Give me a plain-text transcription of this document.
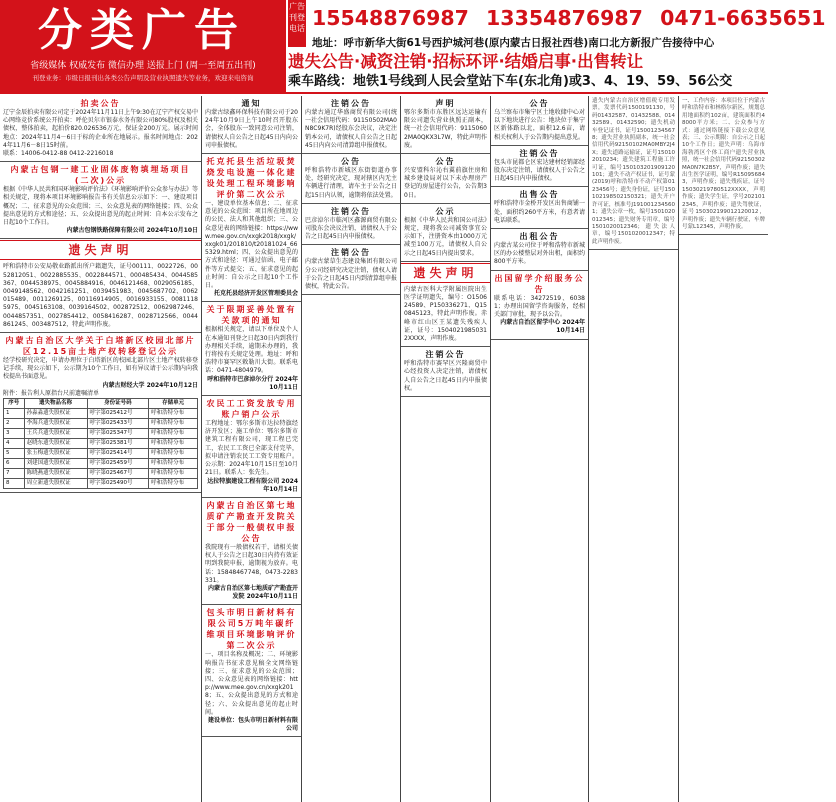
分类广告
省级媒体 权威发布 微信办理 送报上门 (周一至周五出刊)
刊登业务：市级日报刊出各类公告声明及营业执照遗失等业务，欢迎来电咨询
广告刊登电话 15548876987 13354876987 0471-6635651
地址：呼市新华大街61号西护城河巷(原内蒙古日报社西巷)南口北方新报广告接待中心
遗失公告·减资注销·招标环评·结婚启事·出售转让
乘车路线：地铁1号线到人民会堂站下车(东北角)或3、4、19、59、56公交
拍卖公告
辽宁金辰拍卖有限公司定于2024年11月11日上午9:30在辽宁产权交易中心网络竞价系统公开拍卖：呼伦贝尔市银泰水务有限公司80%股权及相关债权，整体拍卖，起拍价820.026536万元，保证金200万元。展示时间地点：2024年11月4－6日于标的企业所在地展示。报名时间地点：2024年11月6－8日15时前。
联系：14006-0412-88 0412-2216018
内蒙古包钢一建工业固体废物填埋场项目(二次)公示
根据《中华人民共和国环境影响评价法》《环境影响评价公众参与办法》等相关规定，现将本项目环境影响报告书有关信息公示如下：一、建设项目概况；二、征求意见的公众范围；三、公众意见表的网络链接；四、公众提出意见的方式和途径；五、公众提出意见的起止时间：自本公示发布之日起10个工作日。
内蒙古包钢铁路保障有限公司 2024年10月10日
遗失声明
呼和浩特市公安局敬业路派出所户籍遗失，证号00111、0022726、0052812051、0022885535、0022844571、000485434、0044585367、0044538975、0045884916、0046121468、0029056185、0049148562、0042161251、0039451983、0045687702、0062015489、0011269125、00116914905、0016933155、00811185975、0045163108、0039164502、002872512、0062987246、0044857351、0027854412、0058416287、0028712566、0044861245、003487512，特此声明作废。
内蒙古自治区大学关于白塔新区校园北部片区12.15亩土地产权转移登记公示
经学校研究决定，申请办理位于白塔新区的校园北部片区土地产权转移登记手续，现公示如下，公示期为10个工作日，如有异议请于公示期内向我校提出书面意见。
内蒙古财经大学 2024年10月12日
附件：报告利人原指台尺前遗嘱清单
序号	遗失物品名称	身份证号码	存储单元
1	孙淼淼遗失股权证	呼字第025412号	呼和浩特分布
2	李海兵遗失股权证	呼字第025433号	呼和浩特分布
3	王兵兵遗失股权证	呼字第025347号	呼和浩特分布
4	赵晓东遗失股权证	呼字第025381号	呼和浩特分布
5	张玉梅遗失股权证	呼字第025414号	呼和浩特分布
6	刘建国遗失股权证	呼字第025459号	呼和浩特分布
7	陈晓燕遗失股权证	呼字第025467号	呼和浩特分布
8	周立新遗失股权证	呼字第025490号	呼和浩特分布
通知
内蒙古绿鑫环保科技有限公司于2024年10月9日上午10时召开股东会，全体股东一致同意公司注销，请债权人自公告之日起45日内向公司申报债权。
托克托县生活垃圾焚烧发电设施一体化建设处理工程环境影响评价第二次公示
一、建设单位基本信息；二、征求意见的公众范围：项目所在地周边的公民、法人和其他组织；三、公众意见表的网络链接：https://www.mee.gov.cn/xxgk2018/xxgk/xxgk01/201810/t20181024_665329.html；四、公众提出意见的方式和途径：可通过信函、电子邮件等方式提交；五、征求意见的起止时间：自公示之日起10个工作日。
托克托县经济开发区管理委员会
关于限期妥善处置有关款项的通知
根据相关规定，请以下单位及个人在本通知刊登之日起30日内到我行办理相关手续，逾期未办理的，我行将按有关规定处理。地址：呼和浩特市赛罕区敕勒川大街。联系电话：0471-4804979。
呼和浩特市巴彦淖尔分行 2024年10月11日
农民工工资发放专用账户销户公示
工程地址：鄂尔多斯市达拉特旗经济开发区；施工单位：鄂尔多斯市建筑工程有限公司，现工程已完工，农民工工资已全部支付完毕，拟申请注销农民工工资专用账户。公示期：2024年10月15日至10月21日。联系人：张先生。
达拉特旗建设工程有限公司 2024年10月14日
内蒙古自治区第七地质矿产勘查开发院关于部分一般债权申报公告
我院现有一般债权若干，请相关债权人于公告之日起30日内持有效证明到我院申报，逾期视为放弃。电话：15848467748，0473-2283331。
内蒙古自治区第七地质矿产勘查开发院 2024年10月11日
包头市明日新材料有限公司5万吨年碳纤维项目环境影响评价第二次公示
一、项目名称及概况；二、环境影响报告书征求意见稿全文网络链接；三、征求意见的公众范围；四、公众意见表的网络链接：http://www.mee.gov.cn/xxgk2018；五、公众提出意见的方式和途径；六、公众提出意见的起止时间。
建设单位：包头市明日新材料有限公司
注销公告
内蒙古通辽华盛商贸有限公司(统一社会信用代码：91150502MA0N8C9K7R)经股东会决议，决定注销本公司，请债权人自公告之日起45日内向公司清算组申报债权。
公告
呼和浩特市新城区东街街道办事处，经研究决定，现对辖区内无主车辆进行清理，请车主于公告之日起15日内认领，逾期将依法处置。
注销公告
巴彦淖尔市临河区鑫源商贸有限公司股东会决议注销，请债权人于公告之日起45日内申报债权。
注销公告
内蒙古蒙草生态建设集团有限公司分公司经研究决定注销，债权人请于公告之日起45日内到清算组申报债权，特此公告。
声明
鄂尔多斯市东胜区远达运输有限公司遗失营业执照正副本，统一社会信用代码：91150602MA0QKX3L7W，特此声明作废。
公告
兴安盟科尔沁右翼前旗住房和城乡建设局对以下未办理房产登记的房屋进行公告，公告期30日。
公示
根据《中华人民共和国公司法》规定，现将我公司减资事宜公示如下，注册资本由1000万元减至100万元，请债权人自公示之日起45日内提出要求。
遗失声明
内蒙古医科大学附属医院出生医学证明遗失，编号：O150624589、P150336271、Q150845123，特此声明作废。赤峰市红山区王某遗失残疾人证，证号：15040219850312XXXX，声明作废。
注销公告
呼和浩特市赛罕区兴隆商贸中心经投资人决定注销，请债权人自公告之日起45日内申报债权。
公告
乌兰察布市集宁区土地收储中心对以下地块进行公告：地块位于集宁区新体路以北，面积12.6亩，请相关权利人于公告期内提出意见。
注销公告
包头市昆都仑区宏达建材经销部经股东决定注销，请债权人于公告之日起45日内申报债权。
出售公告
呼和浩特市金桥开发区出售商铺一处，面积约260平方米，有意者请电话联系。
出租公告
内蒙古某公司位于呼和浩特市新城区的办公楼整层对外出租，面积约800平方米。
出国留学介绍服务公告
联系电话：34272519、60381；办理出国留学咨询服务，经相关部门审批，现予以公告。
内蒙古自治区留学中心 2024年10月14日
遗失内蒙古自治区增值税专用发票，发票代码1500191130，号码01432587、01432588、01432589、01432590；遗失机动车登记证书，证号150012345678；遗失营业执照副本，统一社会信用代码92150102MA0MBY2J4X；遗失道路运输证，证号150102010234；遗失建筑工程施工许可证，编号150103201909120101；遗失不动产权证书，证号蒙(2019)呼和浩特市不动产权第0123456号；遗失身份证，证号150102198502150321；遗失开户许可证，核准号J1910012345601；遗失公章一枚，编号1501020012345；遗失财务专用章，编号1501020012346；遗失法人章，编号1501020012347；特此声明作废。
一、工作内容：本项目位于内蒙古呼和浩特市和林格尔新区，规划总用地面积约102亩，建筑面积约48000平方米；二、公众参与方式：通过网络链接下载公众意见表；三、公示期限：自公示之日起10个工作日；遗失声明：乌海市海勃湾区个体工商户遗失营业执照，统一社会信用代码92150302MA0N7K2B5Y，声明作废；遗失出生医学证明，编号R150956843，声明作废；遗失残疾证，证号15030219780512XXXX，声明作废；遗失学生证，学号2021012345，声明作废；遗失驾驶证，证号150302199012120012，声明作废；遗失车辆行驶证，车牌号蒙L12345，声明作废。
